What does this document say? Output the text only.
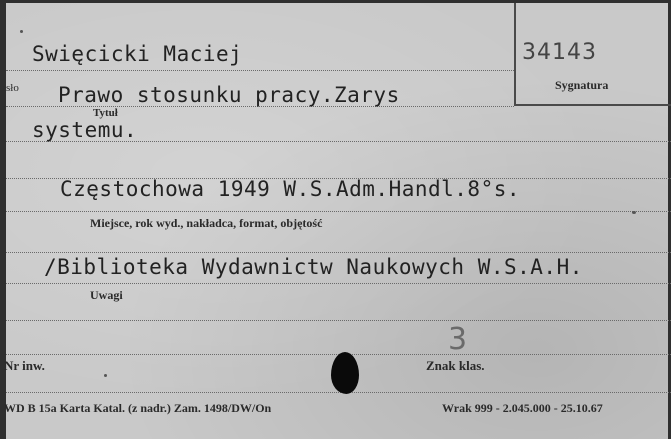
Swięcicki Maciej	34143
Sygnatura
sło Prawo stosunku pracy.Zarys
Tytuł
systemu.
Częstochowa 1949 W.S.Adm.Handl.8°s.
Miejsce, rok wyd., nakładca, format, objętość
/Biblioteka Wydawnictw Naukowych W.S.A.H.
Uwagi
3
Nr inw.	Znak klas.
WD B 15a Karta Katal. (z nadr.) Zam. 1498/DW/On	Wrak 999 - 2.045.000 - 25.10.67
